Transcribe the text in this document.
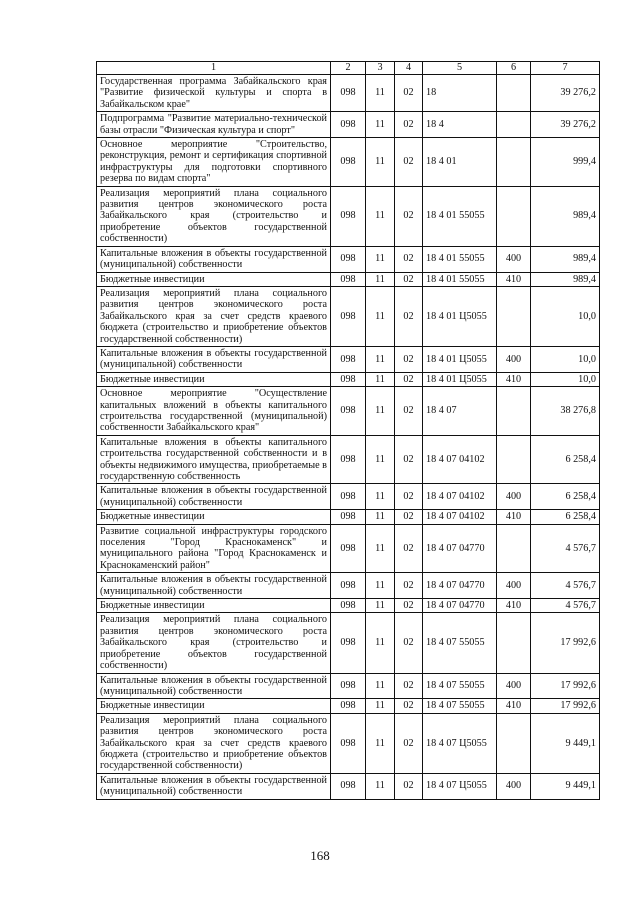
1	2	3	4	5	6	7
Государственная программа Забайкальского края "Развитие физической культуры и спорта в Забайкальском крае"	098	11	02	18		39 276,2
Подпрограмма "Развитие материально-технической базы отрасли "Физическая культура и спорт"	098	11	02	18 4		39 276,2
Основное мероприятие "Строительство, реконструкция, ремонт и сертификация спортивной инфраструктуры для подготовки спортивного резерва по видам спорта"	098	11	02	18 4 01		999,4
Реализация мероприятий плана социального развития центров экономического роста Забайкальского края (строительство и приобретение объектов государственной собственности)	098	11	02	18 4 01 55055		989,4
Капитальные вложения в объекты государственной (муниципальной) собственности	098	11	02	18 4 01 55055	400	989,4
Бюджетные инвестиции	098	11	02	18 4 01 55055	410	989,4
Реализация мероприятий плана социального развития центров экономического роста Забайкальского края за счет средств краевого бюджета (строительство и приобретение объектов государственной собственности)	098	11	02	18 4 01 Ц5055		10,0
Капитальные вложения в объекты государственной (муниципальной) собственности	098	11	02	18 4 01 Ц5055	400	10,0
Бюджетные инвестиции	098	11	02	18 4 01 Ц5055	410	10,0
Основное мероприятие "Осуществление капитальных вложений в объекты капитального строительства государственной (муниципальной) собственности Забайкальского края"	098	11	02	18 4 07		38 276,8
Капитальные вложения в объекты капитального строительства государственной собственности и в объекты недвижимого имущества, приобретаемые в государственную собственность	098	11	02	18 4 07 04102		6 258,4
Капитальные вложения в объекты государственной (муниципальной) собственности	098	11	02	18 4 07 04102	400	6 258,4
Бюджетные инвестиции	098	11	02	18 4 07 04102	410	6 258,4
Развитие социальной инфраструктуры городского поселения "Город Краснокаменск" и муниципального района "Город Краснокаменск и Краснокаменский район"	098	11	02	18 4 07 04770		4 576,7
Капитальные вложения в объекты государственной (муниципальной) собственности	098	11	02	18 4 07 04770	400	4 576,7
Бюджетные инвестиции	098	11	02	18 4 07 04770	410	4 576,7
Реализация мероприятий плана социального развития центров экономического роста Забайкальского края (строительство и приобретение объектов государственной собственности)	098	11	02	18 4 07 55055		17 992,6
Капитальные вложения в объекты государственной (муниципальной) собственности	098	11	02	18 4 07 55055	400	17 992,6
Бюджетные инвестиции	098	11	02	18 4 07 55055	410	17 992,6
Реализация мероприятий плана социального развития центров экономического роста Забайкальского края за счет средств краевого бюджета (строительство и приобретение объектов государственной собственности)	098	11	02	18 4 07 Ц5055		9 449,1
Капитальные вложения в объекты государственной (муниципальной) собственности	098	11	02	18 4 07 Ц5055	400	9 449,1
168
